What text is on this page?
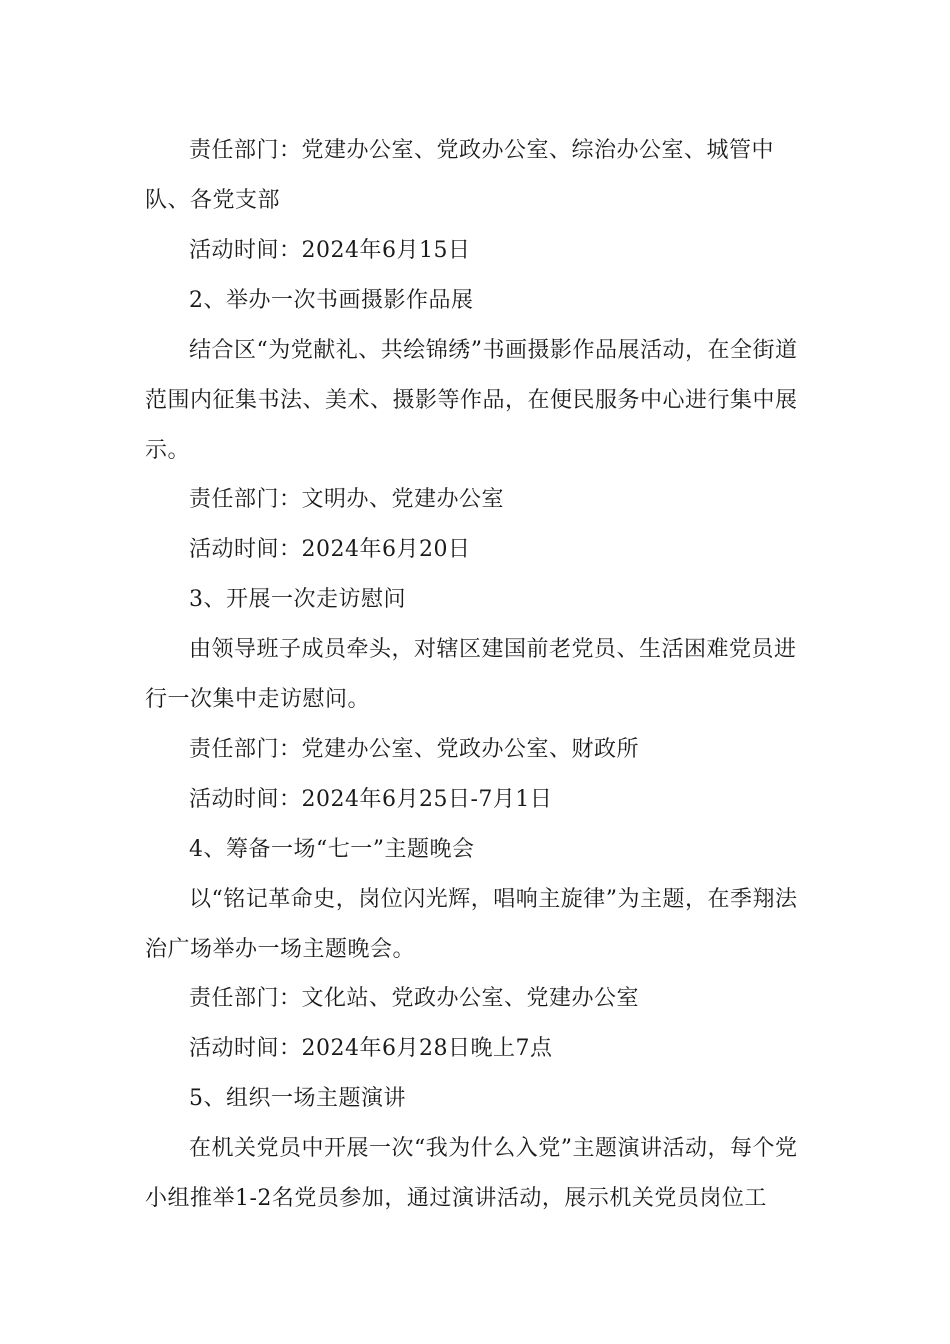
责任部门：党建办公室、党政办公室、综治办公室、城管中队、各党支部

活动时间：2024年6月15日

2、举办一次书画摄影作品展

结合区“为党献礼、共绘锦绣”书画摄影作品展活动，在全街道范围内征集书法、美术、摄影等作品，在便民服务中心进行集中展示。

责任部门：文明办、党建办公室

活动时间：2024年6月20日

3、开展一次走访慰问

由领导班子成员牵头，对辖区建国前老党员、生活困难党员进行一次集中走访慰问。

责任部门：党建办公室、党政办公室、财政所

活动时间：2024年6月25日-7月1日

4、筹备一场“七一”主题晚会

以“铭记革命史，岗位闪光辉，唱响主旋律”为主题，在季翔法治广场举办一场主题晚会。

责任部门：文化站、党政办公室、党建办公室

活动时间：2024年6月28日晚上7点

5、组织一场主题演讲

在机关党员中开展一次“我为什么入党”主题演讲活动，每个党小组推举1-2名党员参加，通过演讲活动，展示机关党员岗位工
